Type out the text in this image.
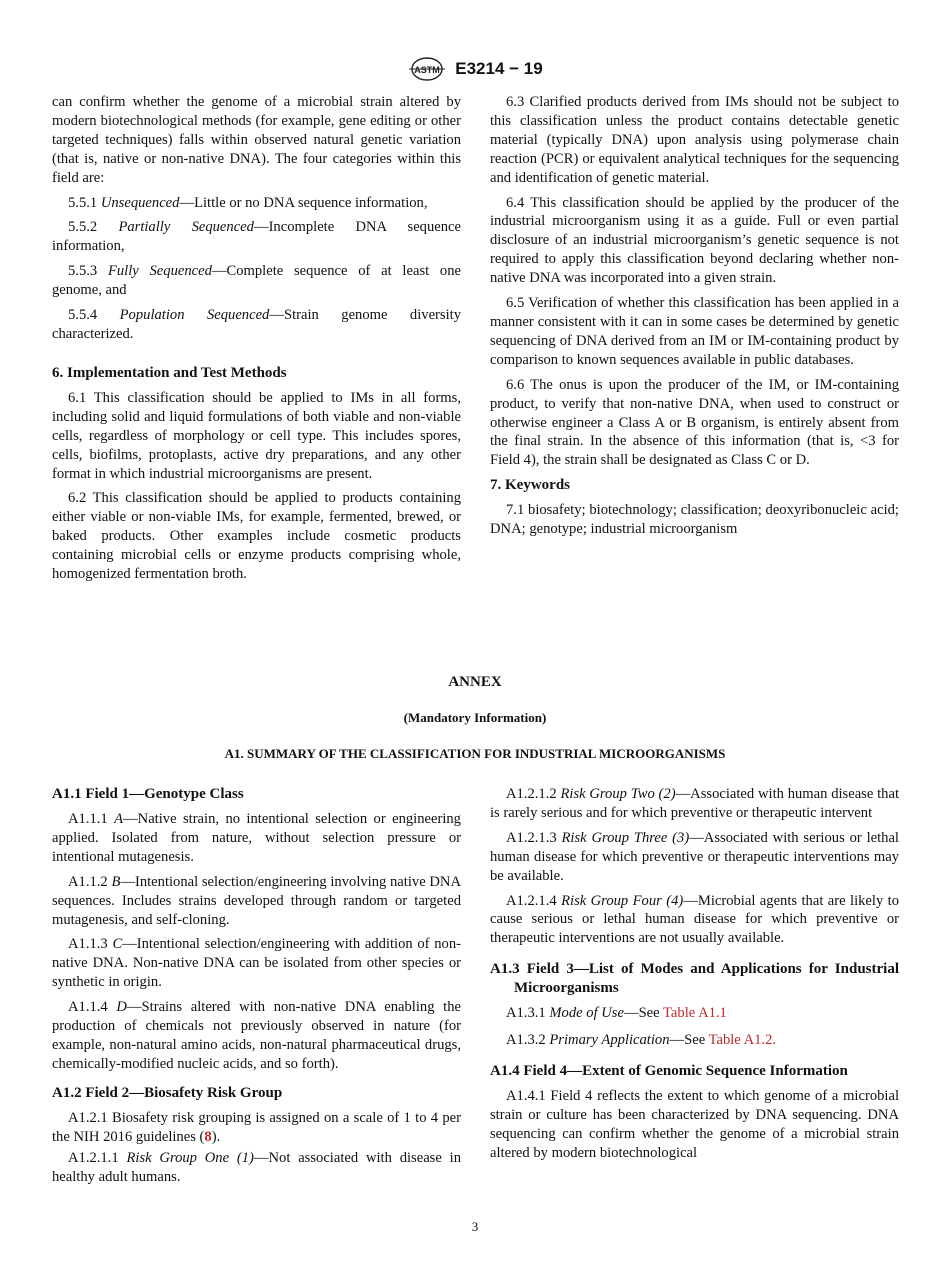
ASTM E3214 − 19

can confirm whether the genome of a microbial strain altered by modern biotechnological methods (for example, gene editing or other targeted techniques) falls within observed natural genetic variation (that is, native or non-native DNA). The four categories within this field are:

5.5.1 Unsequenced—Little or no DNA sequence information,

5.5.2 Partially Sequenced—Incomplete DNA sequence information,

5.5.3 Fully Sequenced—Complete sequence of at least one genome, and

5.5.4 Population Sequenced—Strain genome diversity characterized.

6. Implementation and Test Methods

6.1 This classification should be applied to IMs in all forms, including solid and liquid formulations of both viable and non-viable cells, regardless of morphology or cell type. This includes spores, cells, biofilms, protoplasts, active dry preparations, and any other format in which industrial microorganisms are present.

6.2 This classification should be applied to products containing either viable or non-viable IMs, for example, fermented, brewed, or baked products. Other examples include cosmetic products containing microbial cells or enzyme products comprising whole, homogenized fermentation broth.

6.3 Clarified products derived from IMs should not be subject to this classification unless the product contains detectable genetic material (typically DNA) upon analysis using polymerase chain reaction (PCR) or equivalent analytical techniques for the sequencing and identification of genetic material.

6.4 This classification should be applied by the producer of the industrial microorganism using it as a guide. Full or even partial disclosure of an industrial microorganism’s genetic sequence is not required to apply this classification beyond declaring whether non-native DNA was incorporated into a given strain.

6.5 Verification of whether this classification has been applied in a manner consistent with it can in some cases be determined by genetic sequencing of DNA derived from an IM or IM-containing product by comparison to known sequences available in public databases.

6.6 The onus is upon the producer of the IM, or IM-containing product, to verify that non-native DNA, when used to construct or otherwise engineer a Class A or B organism, is entirely absent from the final strain. In the absence of this information (that is, <3 for Field 4), the strain shall be designated as Class C or D.

7. Keywords

7.1 biosafety; biotechnology; classification; deoxyribonucleic acid; DNA; genotype; industrial microorganism

ANNEX
(Mandatory Information)
A1. SUMMARY OF THE CLASSIFICATION FOR INDUSTRIAL MICROORGANISMS
A1.1 Field 1—Genotype Class

A1.1.1 A—Native strain, no intentional selection or engineering applied. Isolated from nature, without selection pressure or intentional mutagenesis.

A1.1.2 B—Intentional selection/engineering involving native DNA sequences. Includes strains developed through random or targeted mutagenesis, and self-cloning.

A1.1.3 C—Intentional selection/engineering with addition of non-native DNA. Non-native DNA can be isolated from other species or synthetic in origin.

A1.1.4 D—Strains altered with non-native DNA enabling the production of chemicals not previously observed in nature (for example, non-natural amino acids, non-natural pharmaceutical drugs, chemically-modified nucleic acids, and so forth).

A1.2 Field 2—Biosafety Risk Group

A1.2.1 Biosafety risk grouping is assigned on a scale of 1 to 4 per the NIH 2016 guidelines (8).

A1.2.1.1 Risk Group One (1)—Not associated with disease in healthy adult humans.

A1.2.1.2 Risk Group Two (2)—Associated with human disease that is rarely serious and for which preventive or therapeutic intervent

A1.2.1.3 Risk Group Three (3)—Associated with serious or lethal human disease for which preventive or therapeutic interventions may be available.

A1.2.1.4 Risk Group Four (4)—Microbial agents that are likely to cause serious or lethal human disease for which preventive or therapeutic interventions are not usually available.

A1.3 Field 3—List of Modes and Applications for Industrial Microorganisms

A1.3.1 Mode of Use—See Table A1.1

A1.3.2 Primary Application—See Table A1.2.

A1.4 Field 4—Extent of Genomic Sequence Information

A1.4.1 Field 4 reflects the extent to which genome of a microbial strain or culture has been characterized by DNA sequencing. DNA sequencing can confirm whether the genome of a microbial strain altered by modern biotechnological

3
